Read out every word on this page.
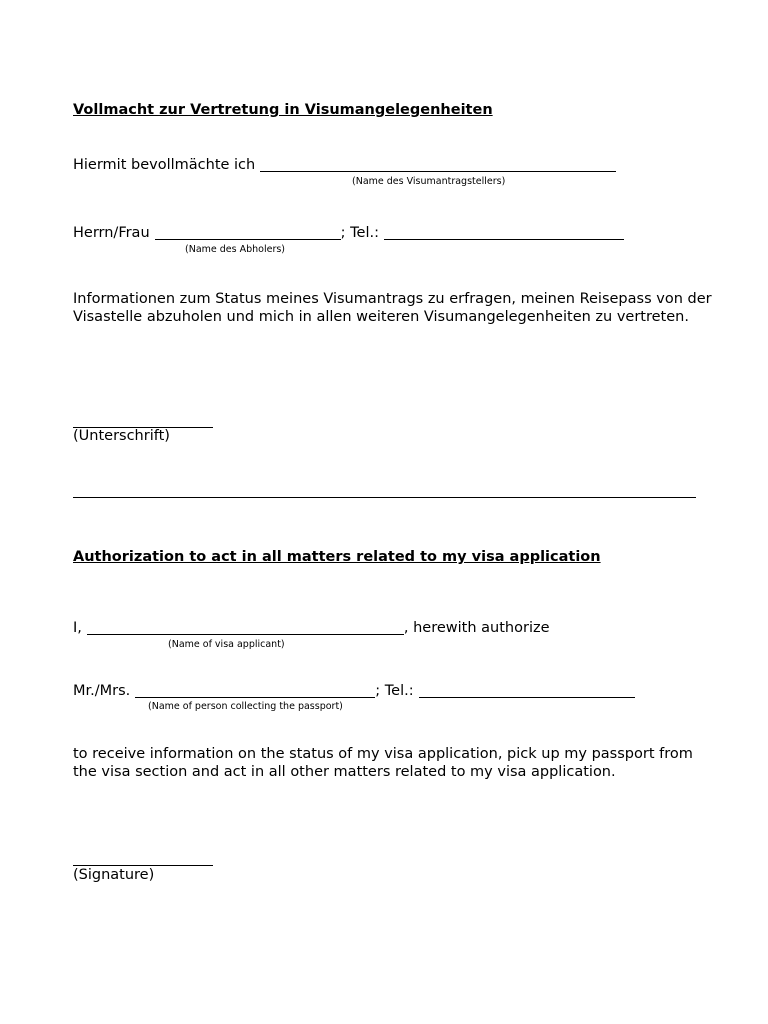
Vollmacht zur Vertretung in Visumangelegenheiten
Hiermit bevollmächte ich
(Name des Visumantragstellers)
Herrn/Frau	; Tel.:
(Name des Abholers)
Informationen zum Status meines Visumantrags zu erfragen, meinen Reisepass von der Visastelle abzuholen und mich in allen weiteren Visumangelegenheiten zu vertreten.
(Unterschrift)
Authorization to act in all matters related to my visa application
I,	, herewith authorize
(Name of visa applicant)
Mr./Mrs.	; Tel.:
(Name of person collecting the passport)
to receive information on the status of my visa application, pick up my passport from the visa section and act in all other matters related to my visa application.
(Signature)
